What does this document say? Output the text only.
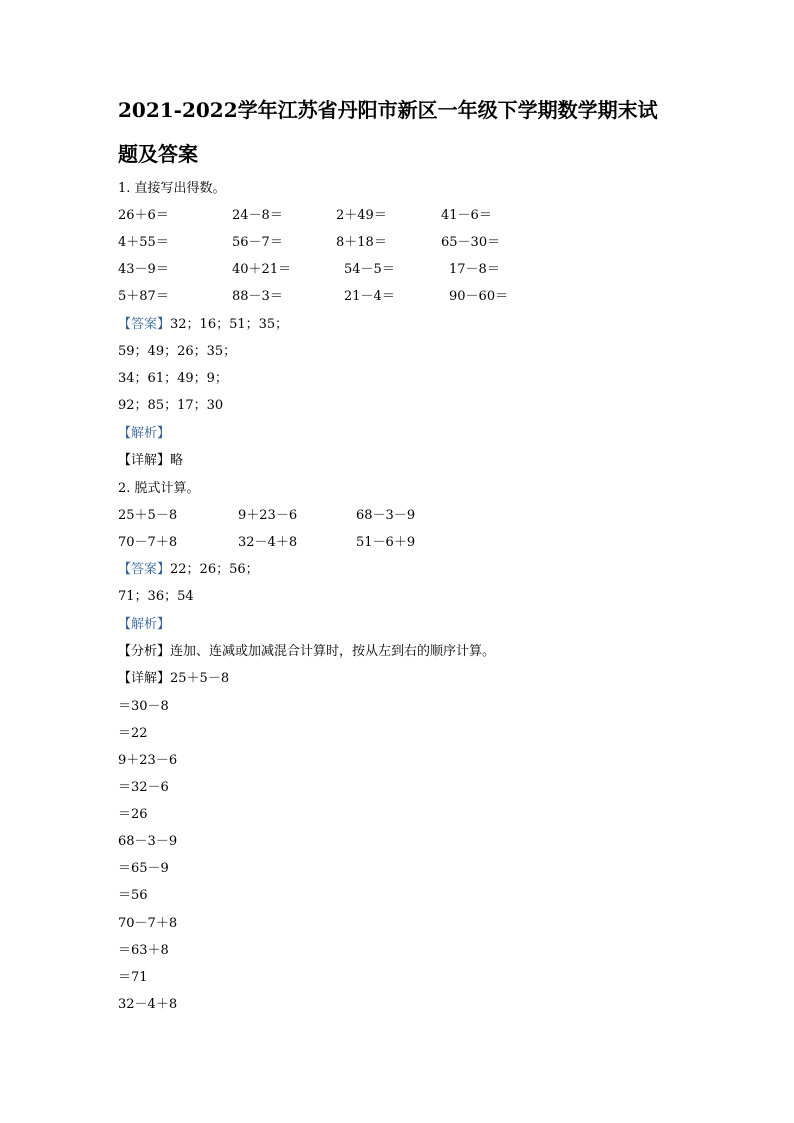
2021-2022学年江苏省丹阳市新区一年级下学期数学期末试
题及答案
1. 直接写出得数。
26＋6＝	24－8＝	2＋49＝	41－6＝
4＋55＝	56－7＝	8＋18＝	65－30＝
43－9＝	40＋21＝	54－5＝	17－8＝
5＋87＝	88－3＝	21－4＝	90－60＝
【答案】32；16；51；35；
59；49；26；35；
34；61；49；9；
92；85；17；30
【解析】
【详解】略
2. 脱式计算。
25＋5－8	9＋23－6	68－3－9
70－7＋8	32－4＋8	51－6＋9
【答案】22；26；56；
71；36；54
【解析】
【分析】连加、连减或加减混合计算时，按从左到右的顺序计算。
【详解】25＋5－8
＝30－8
＝22
9＋23－6
＝32－6
＝26
68－3－9
＝65－9
＝56
70－7＋8
＝63＋8
＝71
32－4＋8
